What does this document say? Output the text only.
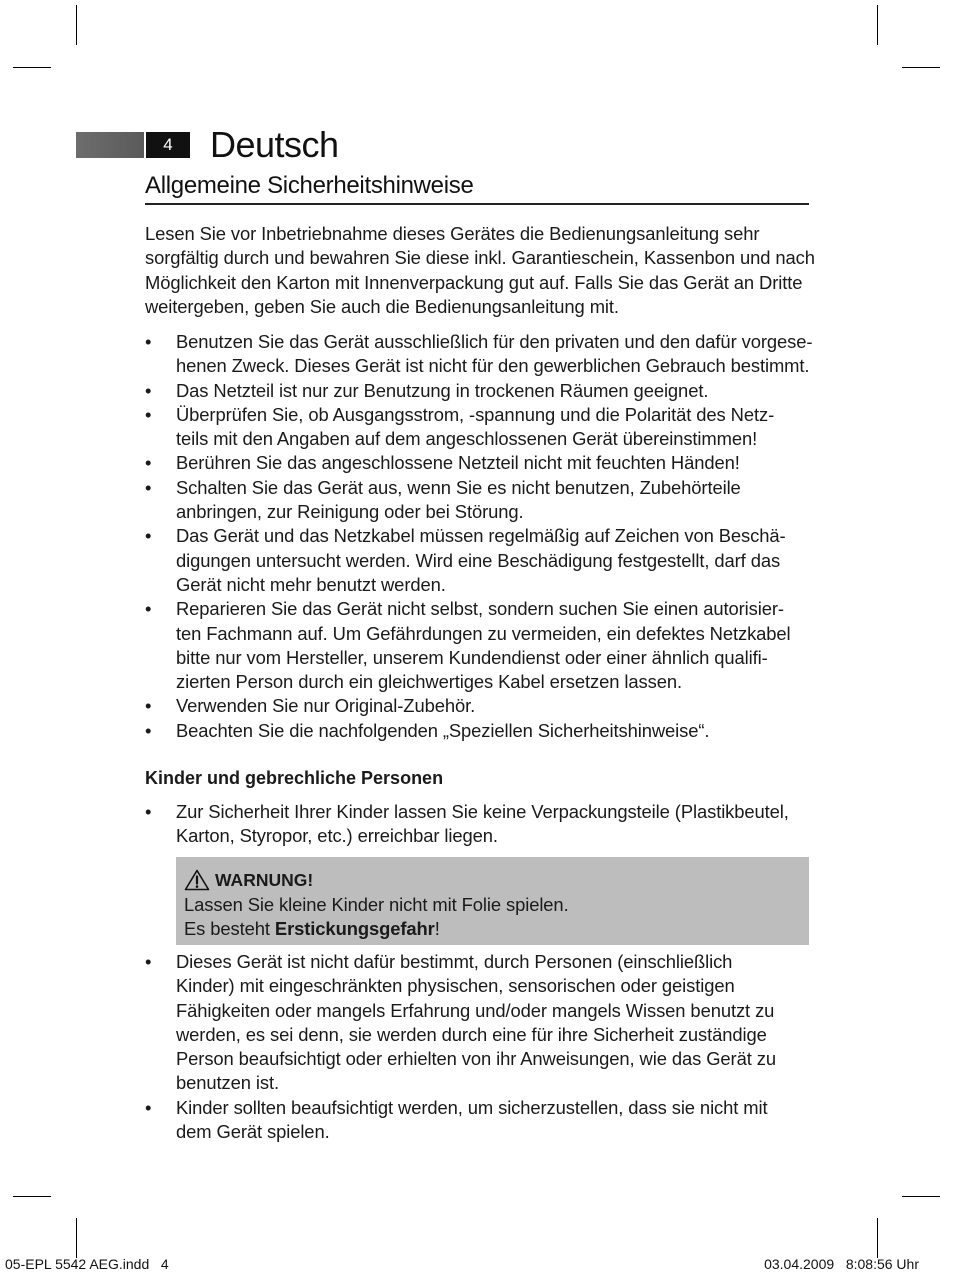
4	Deutsch
Allgemeine Sicherheitshinweise

Lesen Sie vor Inbetriebnahme dieses Gerätes die Bedienungsanleitung sehr sorgfältig durch und bewahren Sie diese inkl. Garantieschein, Kassenbon und nach Möglichkeit den Karton mit Innenverpackung gut auf. Falls Sie das Gerät an Dritte weitergeben, geben Sie auch die Bedienungsanleitung mit.

• Benutzen Sie das Gerät ausschließlich für den privaten und den dafür vorgese-
henen Zweck. Dieses Gerät ist nicht für den gewerblichen Gebrauch bestimmt.
• Das Netzteil ist nur zur Benutzung in trockenen Räumen geeignet.
• Überprüfen Sie, ob Ausgangsstrom, -spannung und die Polarität des Netz-
teils mit den Angaben auf dem angeschlossenen Gerät übereinstimmen!
• Berühren Sie das angeschlossene Netzteil nicht mit feuchten Händen!
• Schalten Sie das Gerät aus, wenn Sie es nicht benutzen, Zubehörteile
anbringen, zur Reinigung oder bei Störung.
• Das Gerät und das Netzkabel müssen regelmäßig auf Zeichen von Beschä-
digungen untersucht werden. Wird eine Beschädigung festgestellt, darf das
Gerät nicht mehr benutzt werden.
• Reparieren Sie das Gerät nicht selbst, sondern suchen Sie einen autorisier-
ten Fachmann auf. Um Gefährdungen zu vermeiden, ein defektes Netzkabel
bitte nur vom Hersteller, unserem Kundendienst oder einer ähnlich qualifi-
zierten Person durch ein gleichwertiges Kabel ersetzen lassen.
• Verwenden Sie nur Original-Zubehör.
• Beachten Sie die nachfolgenden „Speziellen Sicherheitshinweise“.
Kinder und gebrechliche Personen
• Zur Sicherheit Ihrer Kinder lassen Sie keine Verpackungsteile (Plastikbeutel,
Karton, Styropor, etc.) erreichbar liegen.
WARNUNG!
Lassen Sie kleine Kinder nicht mit Folie spielen.
Es besteht Erstickungsgefahr!
• Dieses Gerät ist nicht dafür bestimmt, durch Personen (einschließlich
Kinder) mit eingeschränkten physischen, sensorischen oder geistigen
Fähigkeiten oder mangels Erfahrung und/oder mangels Wissen benutzt zu
werden, es sei denn, sie werden durch eine für ihre Sicherheit zuständige
Person beaufsichtigt oder erhielten von ihr Anweisungen, wie das Gerät zu
benutzen ist.
• Kinder sollten beaufsichtigt werden, um sicherzustellen, dass sie nicht mit
dem Gerät spielen.
05-EPL 5542 AEG.indd   4	03.04.2009   8:08:56 Uhr
